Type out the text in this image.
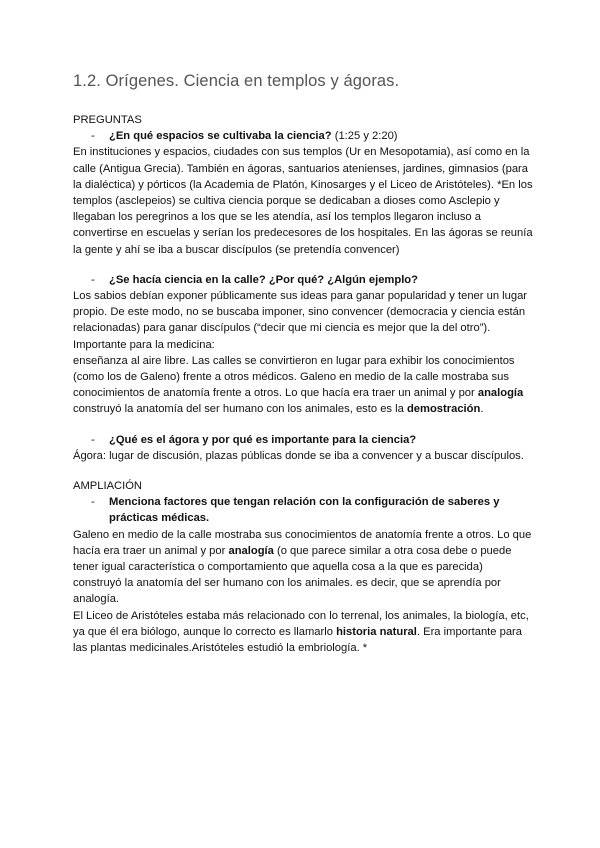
1.2. Orígenes. Ciencia en templos y ágoras.
PREGUNTAS
- ¿En qué espacios se cultivaba la ciencia? (1:25 y 2:20)

En instituciones y espacios, ciudades con sus templos (Ur en Mesopotamia), así como en la calle (Antigua Grecia). También en ágoras, santuarios atenienses, jardines, gimnasios (para la dialéctica) y pórticos (la Academia de Platón, Kinosarges y el Liceo de Aristóteles). *En los templos (asclepeios) se cultiva ciencia porque se dedicaban a dioses como Asclepio y llegaban los peregrinos a los que se les atendía, así los templos llegaron incluso a convertirse en escuelas y serían los predecesores de los hospitales. En las ágoras se reunía la gente y ahí se iba a buscar discípulos (se pretendía convencer)

- ¿Se hacía ciencia en la calle? ¿Por qué? ¿Algún ejemplo?

Los sabios debían exponer públicamente sus ideas para ganar popularidad y tener un lugar propio. De este modo, no se buscaba imponer, sino convencer (democracia y ciencia están relacionadas) para ganar discípulos (“decir que mi ciencia es mejor que la del otro”).

Importante para la medicina:

enseñanza al aire libre. Las calles se convirtieron en lugar para exhibir los conocimientos (como los de Galeno) frente a otros médicos. Galeno en medio de la calle mostraba sus conocimientos de anatomía frente a otros. Lo que hacía era traer un animal y por analogía construyó la anatomía del ser humano con los animales, esto es la demostración.

- ¿Qué es el ágora y por qué es importante para la ciencia?

Ágora: lugar de discusión, plazas públicas donde se iba a convencer y a buscar discípulos.

AMPLIACIÓN
- Menciona factores que tengan relación con la configuración de saberes y prácticas médicas.

Galeno en medio de la calle mostraba sus conocimientos de anatomía frente a otros. Lo que hacía era traer un animal y por analogía (o que parece similar a otra cosa debe o puede tener igual característica o comportamiento que aquella cosa a la que es parecida) construyó la anatomía del ser humano con los animales. es decir, que se aprendía por analogía.

El Liceo de Aristóteles estaba más relacionado con lo terrenal, los animales, la biología, etc, ya que él era biólogo, aunque lo correcto es llamarlo historia natural. Era importante para las plantas medicinales.Aristóteles estudió la embriología. *
